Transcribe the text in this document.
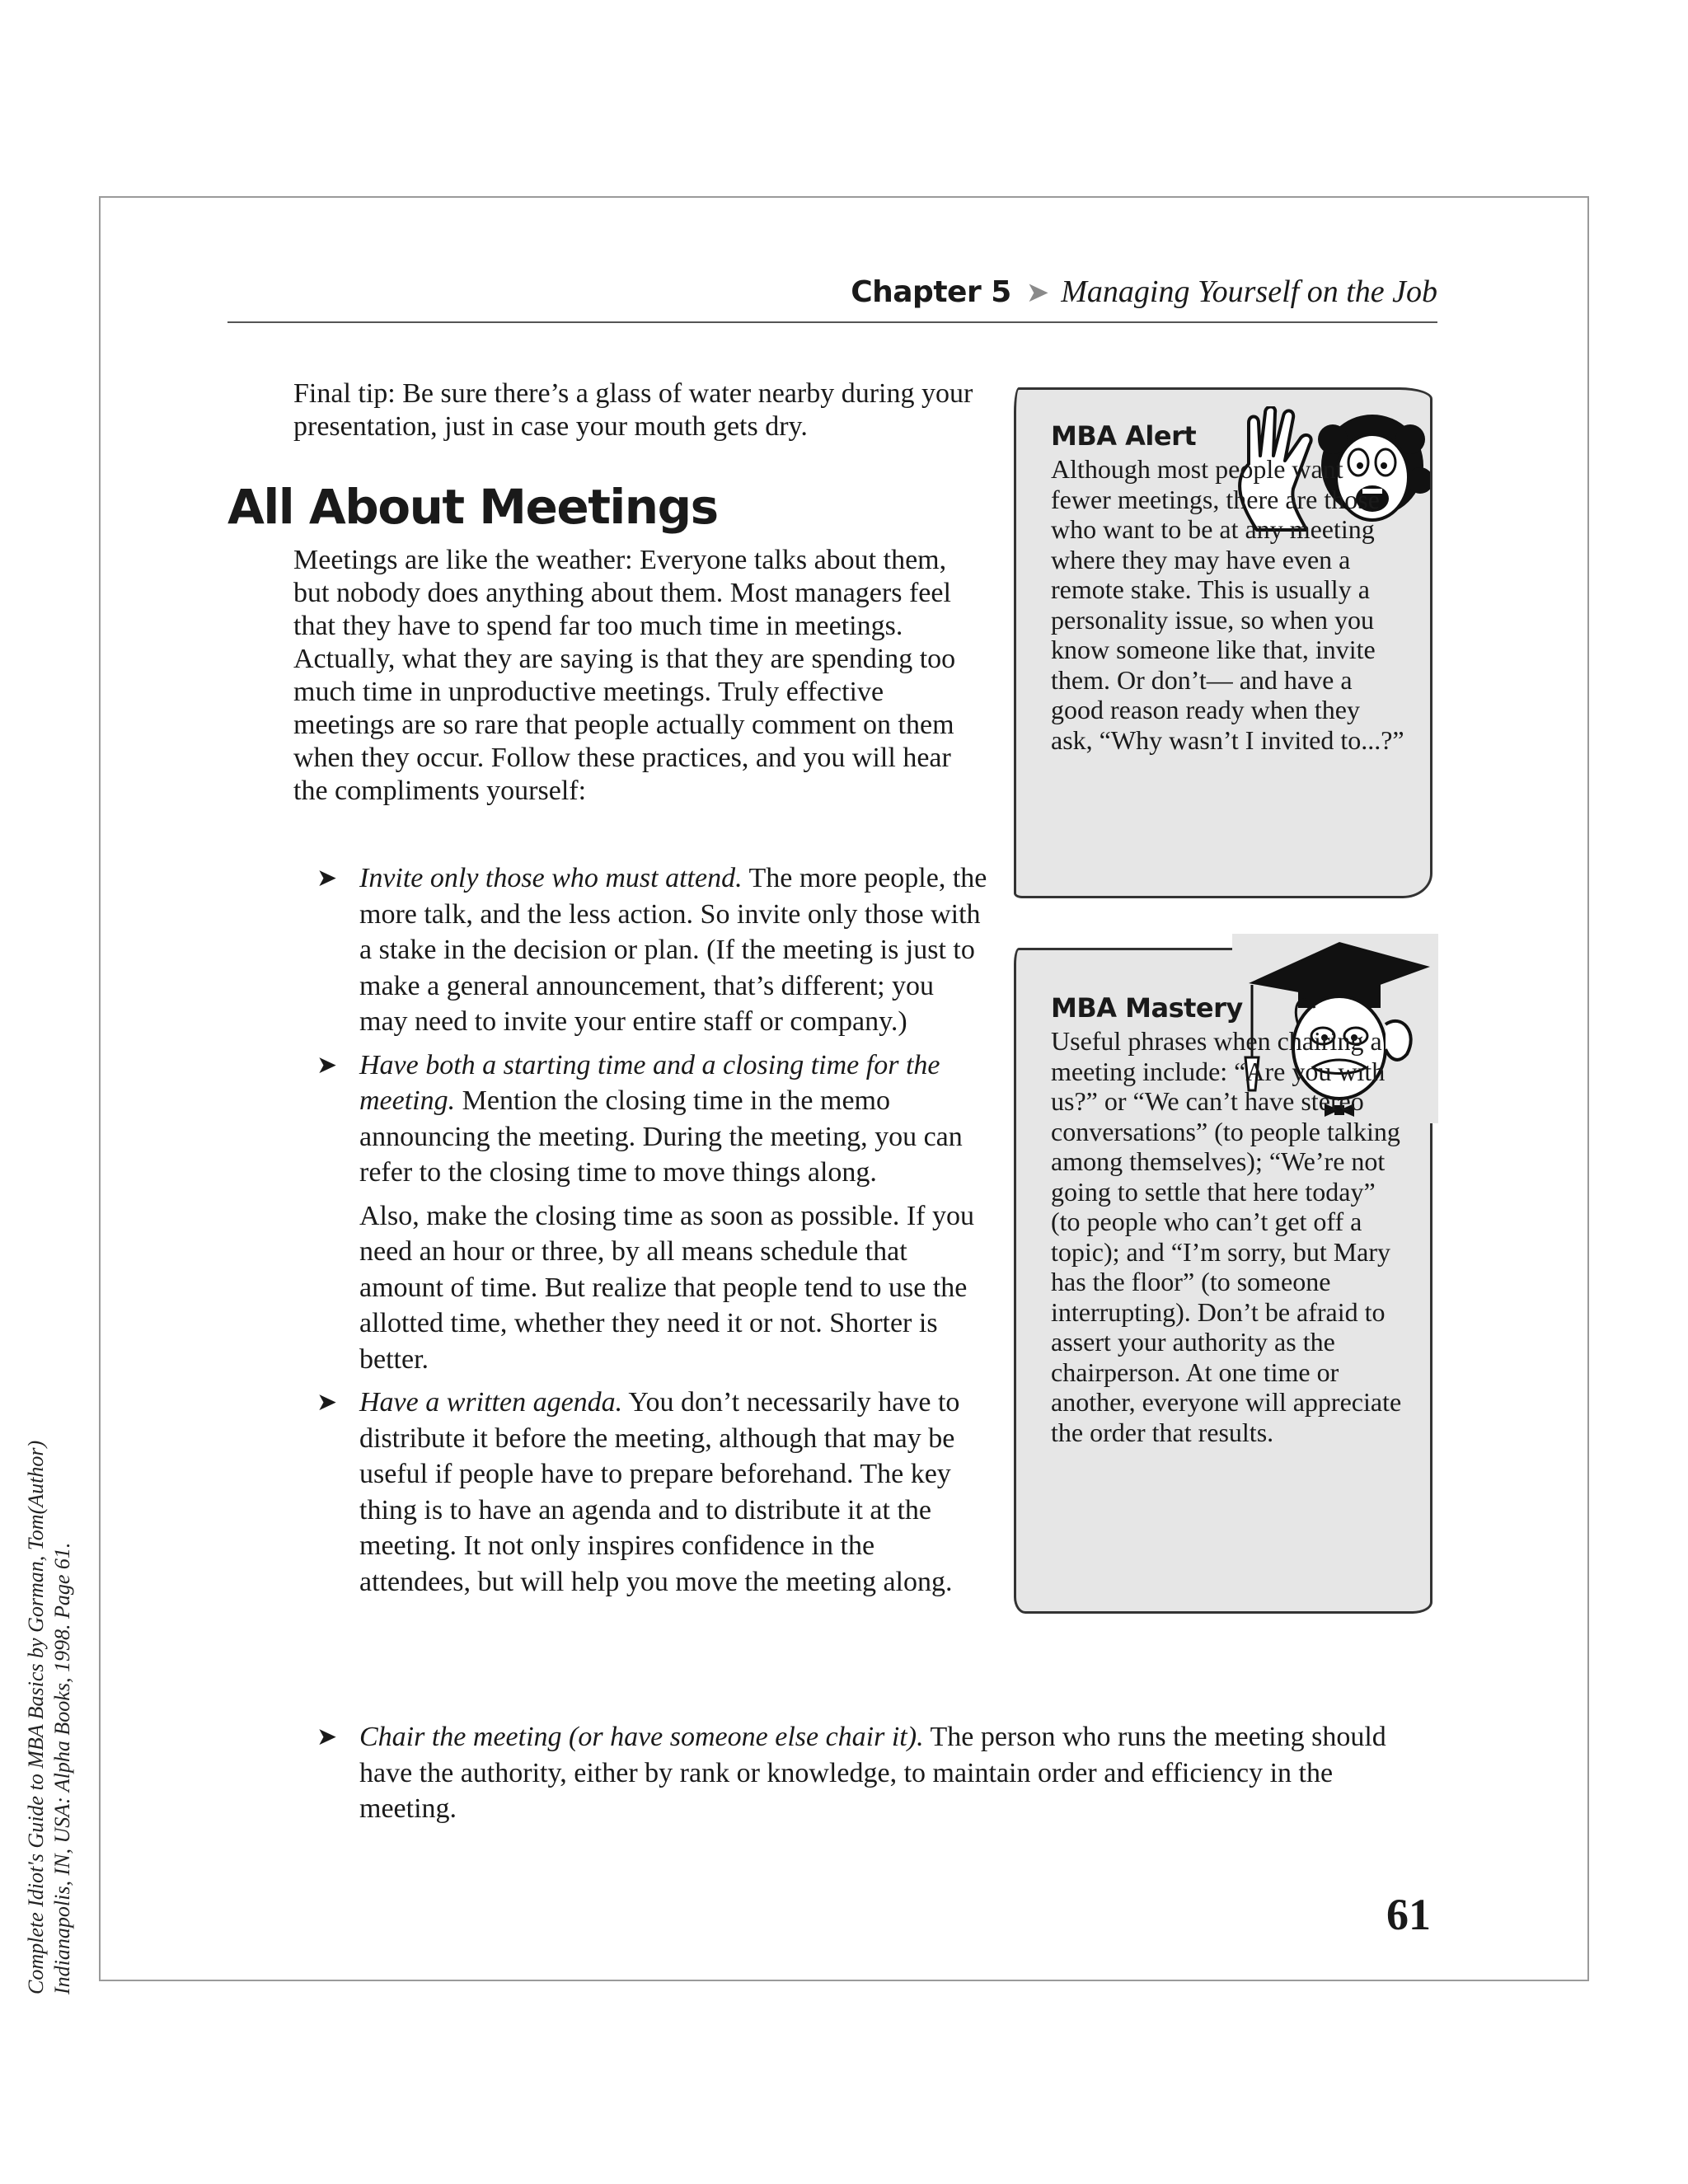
Chapter 5 ➤ Managing Yourself on the Job
Final tip: Be sure there’s a glass of water nearby during your presentation, just in case your mouth gets dry.
All About Meetings
Meetings are like the weather: Everyone talks about them, but nobody does anything about them. Most managers feel that they have to spend far too much time in meetings. Actually, what they are saying is that they are spending too much time in unproductive meetings. Truly effective meetings are so rare that people actually comment on them when they occur. Follow these practices, and you will hear the compliments yourself:
➤ Invite only those who must attend. The more people, the more talk, and the less action. So invite only those with a stake in the decision or plan. (If the meeting is just to make a general announcement, that’s different; you may need to invite your entire staff or company.)
➤ Have both a starting time and a closing time for the meeting. Mention the closing time in the memo announcing the meeting. During the meeting, you can refer to the closing time to move things along.
Also, make the closing time as soon as possible. If you need an hour or three, by all means schedule that amount of time. But realize that people tend to use the allotted time, whether they need it or not. Shorter is better.
➤ Have a written agenda. You don’t necessarily have to distribute it before the meeting, although that may be useful if people have to prepare beforehand. The key thing is to have an agenda and to distribute it at the meeting. It not only inspires confidence in the attendees, but will help you move the meeting along.
➤ Chair the meeting (or have someone else chair it). The person who runs the meeting should have the authority, either by rank or knowledge, to maintain order and efficiency in the meeting.
MBA Alert
Although most people want fewer meetings, there are those who want to be at any meeting where they may have even a remote stake. This is usually a personality issue, so when you know someone like that, invite them. Or don’t— and have a good reason ready when they ask, “Why wasn’t I invited to...?”
MBA Mastery
Useful phrases when chairing a meeting include: “Are you with us?” or “We can’t have stereo conversations” (to people talking among themselves); “We’re not going to settle that here today” (to people who can’t get off a topic); and “I’m sorry, but Mary has the floor” (to someone interrupting). Don’t be afraid to assert your authority as the chairperson. At one time or another, everyone will appreciate the order that results.
61
Complete Idiot's Guide to MBA Basics by Gorman, Tom(Author) Indianapolis, IN, USA: Alpha Books, 1998. Page 61.
